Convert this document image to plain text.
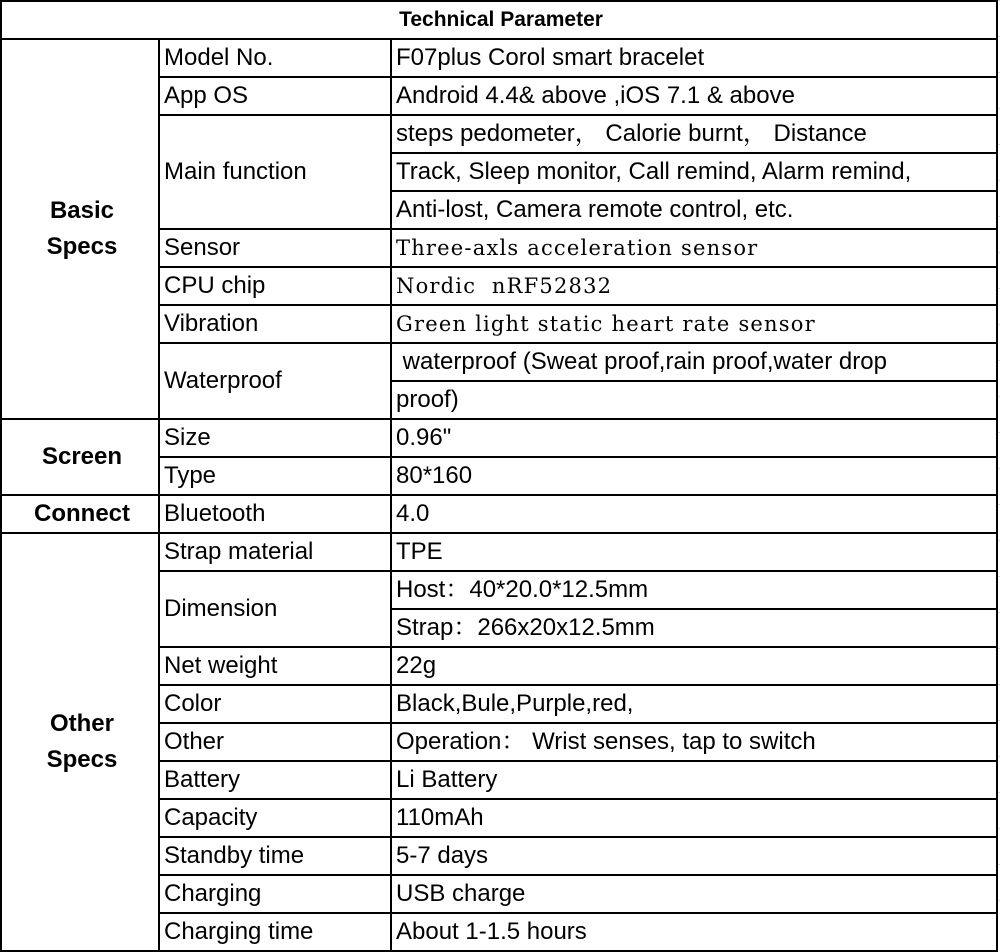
Technical Parameter		

Basic
Specs	Model No.	F07plus Corol smart bracelet
	App OS	Android 4.4& above ,iOS 7.1 & above
	Main function	steps pedometer， Calorie burnt， Distance
		Track, Sleep monitor, Call remind, Alarm remind,
		Anti-lost, Camera remote control, etc.
	Sensor	Three-axls acceleration sensor
	CPU chip	Nordic  nRF52832
	Vibration	Green light static heart rate sensor
	Waterproof	waterproof (Sweat proof,rain proof,water drop
		proof)

Screen	Size	0.96"
	Type	80*160

Connect	Bluetooth	4.0

Other
Specs	Strap material	TPE
	Dimension	Host：40*20.0*12.5mm
		Strap：266x20x12.5mm
	Net weight	22g
	Color	Black,Bule,Purple,red,
	Other	Operation： Wrist senses, tap to switch
	Battery	Li Battery
	Capacity	110mAh
	Standby time	5-7 days
	Charging	USB charge
	Charging time	About 1-1.5 hours
